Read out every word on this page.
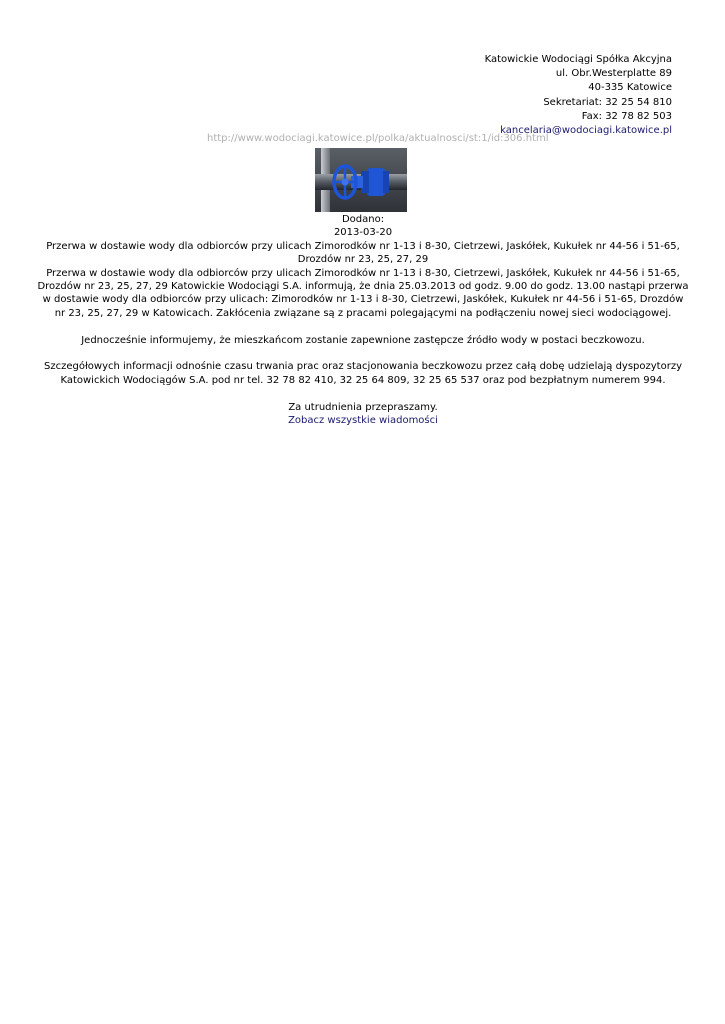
Katowickie Wodociągi Spółka Akcyjna
ul. Obr.Westerplatte 89
40-335 Katowice
Sekretariat: 32 25 54 810
Fax: 32 78 82 503
kancelaria@wodociagi.katowice.pl
http://www.wodociagi.katowice.pl/polka/aktualnosci/st:1/id:306.html

Dodano:

2013-03-20

Przerwa w dostawie wody dla odbiorców przy ulicach Zimorodków nr 1-13 i 8-30, Cietrzewi, Jaskółek, Kukułek nr 44-56 i 51-65, Drozdów nr 23, 25, 27, 29

Przerwa w dostawie wody dla odbiorców przy ulicach Zimorodków nr 1-13 i 8-30, Cietrzewi, Jaskółek, Kukułek nr 44-56 i 51-65, Drozdów nr 23, 25, 27, 29 Katowickie Wodociągi S.A. informują, że dnia 25.03.2013 od godz. 9.00 do godz. 13.00 nastąpi przerwa w dostawie wody dla odbiorców przy ulicach: Zimorodków nr 1-13 i 8-30, Cietrzewi, Jaskółek, Kukułek nr 44-56 i 51-65, Drozdów nr 23, 25, 27, 29 w Katowicach. Zakłócenia związane są z pracami polegającymi na podłączeniu nowej sieci wodociągowej.

Jednocześnie informujemy, że mieszkańcom zostanie zapewnione zastępcze źródło wody w postaci beczkowozu.

Szczegółowych informacji odnośnie czasu trwania prac oraz stacjonowania beczkowozu przez całą dobę udzielają dyspozytorzy Katowickich Wodociągów S.A. pod nr tel. 32 78 82 410, 32 25 64 809, 32 25 65 537 oraz pod bezpłatnym numerem 994.

Za utrudnienia przepraszamy.

Zobacz wszystkie wiadomości
